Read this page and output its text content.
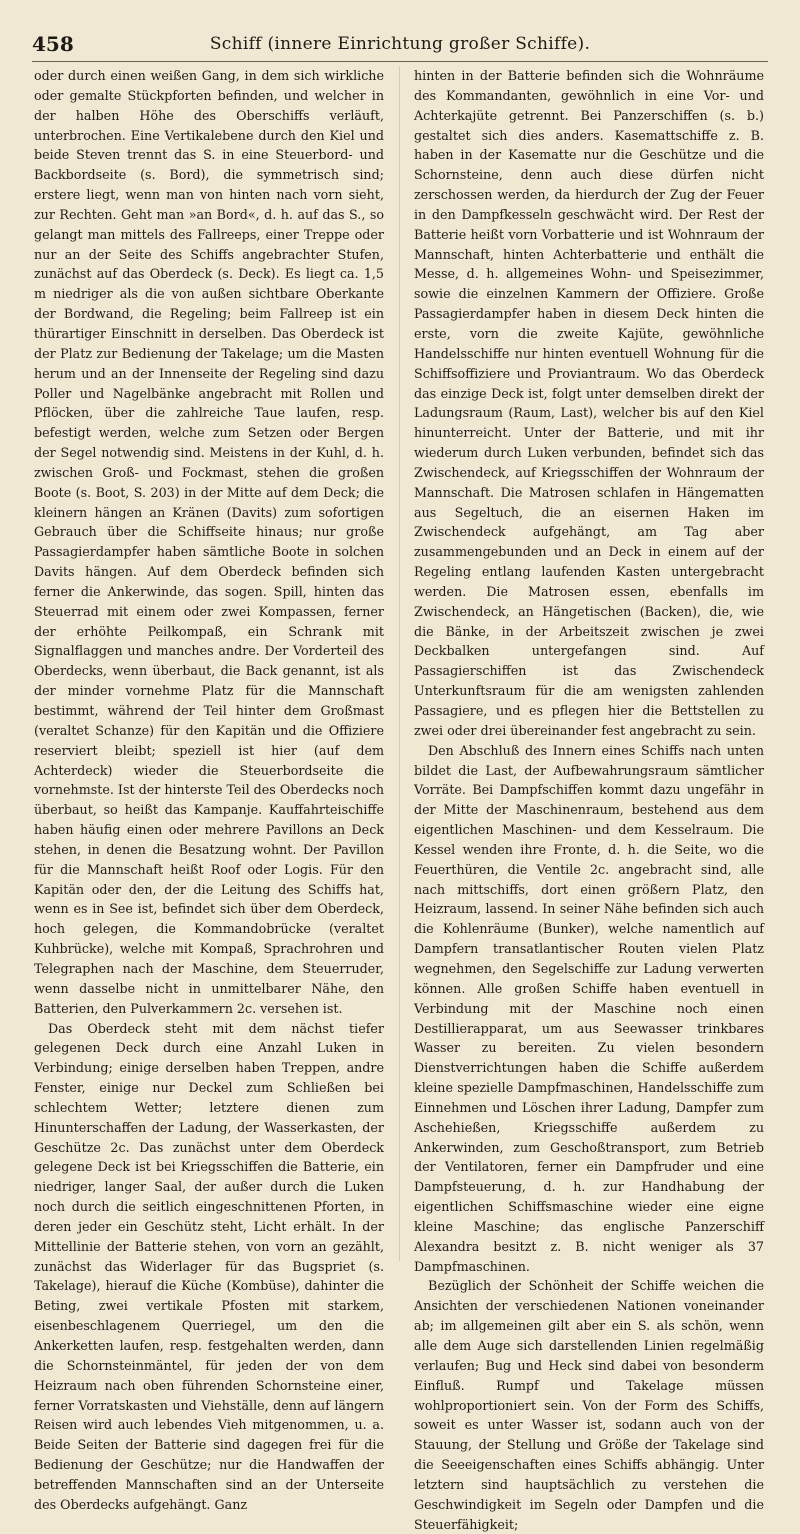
458	Schiff (innere Einrichtung großer Schiffe).

oder durch einen weißen Gang, in dem sich wirkliche oder gemalte Stückpforten befinden, und welcher in der halben Höhe des Oberschiffs verläuft, unterbrochen. Eine Vertikalebene durch den Kiel und beide Steven trennt das S. in eine Steuerbord- und Backbordseite (s. Bord), die symmetrisch sind; erstere liegt, wenn man von hinten nach vorn sieht, zur Rechten. Geht man »an Bord«, d. h. auf das S., so gelangt man mittels des Fallreeps, einer Treppe oder nur an der Seite des Schiffs angebrachter Stufen, zunächst auf das Oberdeck (s. Deck). Es liegt ca. 1,5 m niedriger als die von außen sichtbare Oberkante der Bordwand, die Regeling; beim Fallreep ist ein thürartiger Einschnitt in derselben. Das Oberdeck ist der Platz zur Bedienung der Takelage; um die Masten herum und an der Innenseite der Regeling sind dazu Poller und Nagelbänke angebracht mit Rollen und Pflöcken, über die zahlreiche Taue laufen, resp. befestigt werden, welche zum Setzen oder Bergen der Segel notwendig sind. Meistens in der Kuhl, d. h. zwischen Groß- und Fockmast, stehen die großen Boote (s. Boot, S. 203) in der Mitte auf dem Deck; die kleinern hängen an Kränen (Davits) zum sofortigen Gebrauch über die Schiffseite hinaus; nur große Passagierdampfer haben sämtliche Boote in solchen Davits hängen. Auf dem Oberdeck befinden sich ferner die Ankerwinde, das sogen. Spill, hinten das Steuerrad mit einem oder zwei Kompassen, ferner der erhöhte Peilkompaß, ein Schrank mit Signalflaggen und manches andre. Der Vorderteil des Oberdecks, wenn überbaut, die Back genannt, ist als der minder vornehme Platz für die Mannschaft bestimmt, während der Teil hinter dem Großmast (veraltet Schanze) für den Kapitän und die Offiziere reserviert bleibt; speziell ist hier (auf dem Achterdeck) wieder die Steuerbordseite die vornehmste. Ist der hinterste Teil des Oberdecks noch überbaut, so heißt das Kampanje. Kauffahrteischiffe haben häufig einen oder mehrere Pavillons an Deck stehen, in denen die Besatzung wohnt. Der Pavillon für die Mannschaft heißt Roof oder Logis. Für den Kapitän oder den, der die Leitung des Schiffs hat, wenn es in See ist, befindet sich über dem Oberdeck, hoch gelegen, die Kommandobrücke (veraltet Kuhbrücke), welche mit Kompaß, Sprachrohren und Telegraphen nach der Maschine, dem Steuerruder, wenn dasselbe nicht in unmittelbarer Nähe, den Batterien, den Pulverkammern 2c. versehen ist.

Das Oberdeck steht mit dem nächst tiefer gelegenen Deck durch eine Anzahl Luken in Verbindung; einige derselben haben Treppen, andre Fenster, einige nur Deckel zum Schließen bei schlechtem Wetter; letztere dienen zum Hinunterschaffen der Ladung, der Wasserkasten, der Geschütze 2c. Das zunächst unter dem Oberdeck gelegene Deck ist bei Kriegsschiffen die Batterie, ein niedriger, langer Saal, der außer durch die Luken noch durch die seitlich eingeschnittenen Pforten, in deren jeder ein Geschütz steht, Licht erhält. In der Mittellinie der Batterie stehen, von vorn an gezählt, zunächst das Widerlager für das Bugspriet (s. Takelage), hierauf die Küche (Kombüse), dahinter die Beting, zwei vertikale Pfosten mit starkem, eisenbeschlagenem Querriegel, um den die Ankerketten laufen, resp. festgehalten werden, dann die Schornsteinmäntel, für jeden der von dem Heizraum nach oben führenden Schornsteine einer, ferner Vorratskasten und Viehställe, denn auf längern Reisen wird auch lebendes Vieh mitgenommen, u. a. Beide Seiten der Batterie sind dagegen frei für die Bedienung der Geschütze; nur die Handwaffen der betreffenden Mannschaften sind an der Unterseite des Oberdecks aufgehängt. Ganz

hinten in der Batterie befinden sich die Wohnräume des Kommandanten, gewöhnlich in eine Vor- und Achterkajüte getrennt. Bei Panzerschiffen (s. b.) gestaltet sich dies anders. Kasemattschiffe z. B. haben in der Kasematte nur die Geschütze und die Schornsteine, denn auch diese dürfen nicht zerschossen werden, da hierdurch der Zug der Feuer in den Dampfkesseln geschwächt wird. Der Rest der Batterie heißt vorn Vorbatterie und ist Wohnraum der Mannschaft, hinten Achterbatterie und enthält die Messe, d. h. allgemeines Wohn- und Speisezimmer, sowie die einzelnen Kammern der Offiziere. Große Passagierdampfer haben in diesem Deck hinten die erste, vorn die zweite Kajüte, gewöhnliche Handelsschiffe nur hinten eventuell Wohnung für die Schiffsoffiziere und Proviantraum. Wo das Oberdeck das einzige Deck ist, folgt unter demselben direkt der Ladungsraum (Raum, Last), welcher bis auf den Kiel hinunterreicht. Unter der Batterie, und mit ihr wiederum durch Luken verbunden, befindet sich das Zwischendeck, auf Kriegsschiffen der Wohnraum der Mannschaft. Die Matrosen schlafen in Hängematten aus Segeltuch, die an eisernen Haken im Zwischendeck aufgehängt, am Tag aber zusammengebunden und an Deck in einem auf der Regeling entlang laufenden Kasten untergebracht werden. Die Matrosen essen, ebenfalls im Zwischendeck, an Hängetischen (Backen), die, wie die Bänke, in der Arbeitszeit zwischen je zwei Deckbalken untergefangen sind. Auf Passagierschiffen ist das Zwischendeck Unterkunftsraum für die am wenigsten zahlenden Passagiere, und es pflegen hier die Bettstellen zu zwei oder drei übereinander fest angebracht zu sein.

Den Abschluß des Innern eines Schiffs nach unten bildet die Last, der Aufbewahrungsraum sämtlicher Vorräte. Bei Dampfschiffen kommt dazu ungefähr in der Mitte der Maschinenraum, bestehend aus dem eigentlichen Maschinen- und dem Kesselraum. Die Kessel wenden ihre Fronte, d. h. die Seite, wo die Feuerthüren, die Ventile 2c. angebracht sind, alle nach mittschiffs, dort einen größern Platz, den Heizraum, lassend. In seiner Nähe befinden sich auch die Kohlenräume (Bunker), welche namentlich auf Dampfern transatlantischer Routen vielen Platz wegnehmen, den Segelschiffe zur Ladung verwerten können. Alle großen Schiffe haben eventuell in Verbindung mit der Maschine noch einen Destillierapparat, um aus Seewasser trinkbares Wasser zu bereiten. Zu vielen besondern Dienstverrichtungen haben die Schiffe außerdem kleine spezielle Dampfmaschinen, Handelsschiffe zum Einnehmen und Löschen ihrer Ladung, Dampfer zum Aschehießen, Kriegsschiffe außerdem zu Ankerwinden, zum Geschoßtransport, zum Betrieb der Ventilatoren, ferner ein Dampfruder und eine Dampfsteuerung, d. h. zur Handhabung der eigentlichen Schiffsmaschine wieder eine eigne kleine Maschine; das englische Panzerschiff Alexandra besitzt z. B. nicht weniger als 37 Dampfmaschinen.

Bezüglich der Schönheit der Schiffe weichen die Ansichten der verschiedenen Nationen voneinander ab; im allgemeinen gilt aber ein S. als schön, wenn alle dem Auge sich darstellenden Linien regelmäßig verlaufen; Bug und Heck sind dabei von besonderm Einfluß. Rumpf und Takelage müssen wohlproportioniert sein. Von der Form des Schiffs, soweit es unter Wasser ist, sodann auch von der Stauung, der Stellung und Größe der Takelage sind die Seeeigenschaften eines Schiffs abhängig. Unter letztern sind hauptsächlich zu verstehen die Geschwindigkeit im Segeln oder Dampfen und die Steuerfähigkeit;
